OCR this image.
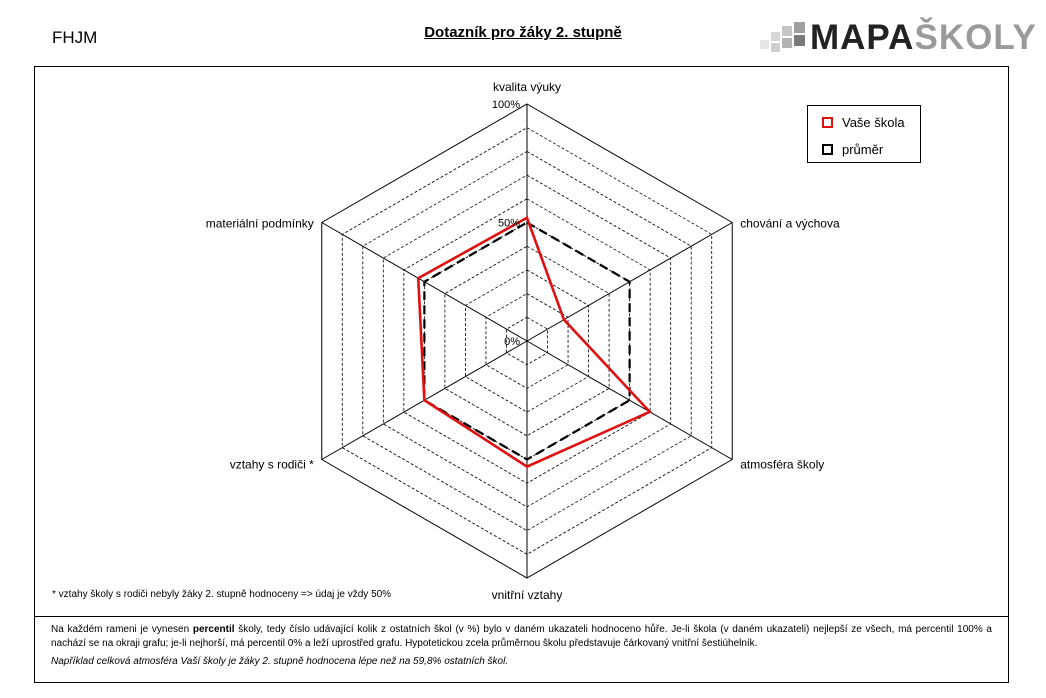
FHJM	Dotazník pro žáky 2. stupně	MAPAŠKOLY
0%
50%
100%
kvalita výuky
chování a výchova
atmosféra školy
vnitřní vztahy
vztahy s rodiči *
materiální podmínky
Vaše škola
průměr
* vztahy školy s rodiči nebyly žáky 2. stupně hodnoceny => údaj je vždy 50%

Na každém rameni je vynesen percentil školy, tedy číslo udávající kolik z ostatních škol (v %) bylo v daném ukazateli hodnoceno hůře. Je-li škola (v daném ukazateli) nejlepší ze všech, má percentil 100% a nachází se na okraji grafu; je-li nejhorší, má percentil 0% a leží uprostřed grafu. Hypotetickou zcela průměrnou školu představuje čárkovaný vnitřní šestiúhelník.

Například celková atmosféra Vaší školy je žáky 2. stupně hodnocena lépe než na 59,8% ostatních škol.
